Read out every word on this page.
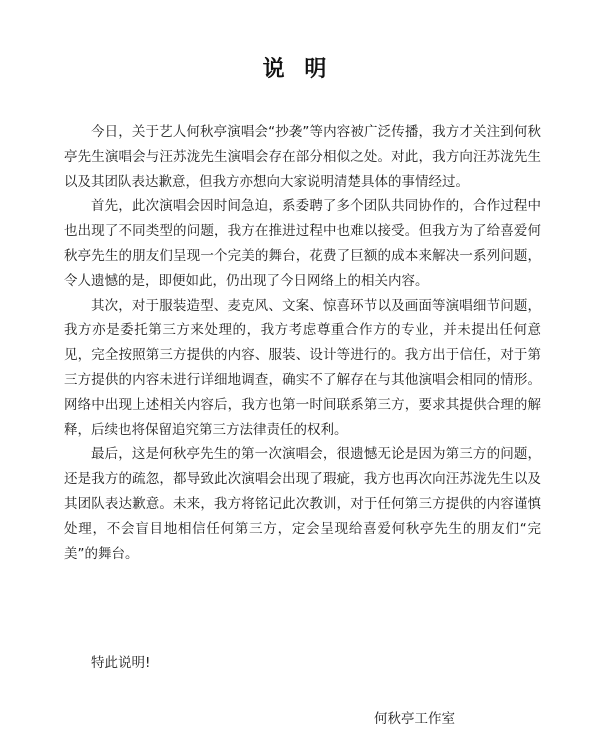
说 明

今日，关于艺人何秋亭演唱会“抄袭”等内容被广泛传播，我方才关注到何秋亭先生演唱会与汪苏泷先生演唱会存在部分相似之处。对此，我方向汪苏泷先生以及其团队表达歉意，但我方亦想向大家说明清楚具体的事情经过。

首先，此次演唱会因时间急迫，系委聘了多个团队共同协作的，合作过程中也出现了不同类型的问题，我方在推进过程中也难以接受。但我方为了给喜爱何秋亭先生的朋友们呈现一个完美的舞台，花费了巨额的成本来解决一系列问题，令人遗憾的是，即便如此，仍出现了今日网络上的相关内容。

其次，对于服装造型、麦克风、文案、惊喜环节以及画面等演唱细节问题，我方亦是委托第三方来处理的，我方考虑尊重合作方的专业，并未提出任何意见，完全按照第三方提供的内容、服装、设计等进行的。我方出于信任，对于第三方提供的内容未进行详细地调查，确实不了解存在与其他演唱会相同的情形。网络中出现上述相关内容后，我方也第一时间联系第三方，要求其提供合理的解释，后续也将保留追究第三方法律责任的权利。

最后，这是何秋亭先生的第一次演唱会，很遗憾无论是因为第三方的问题，还是我方的疏忽，都导致此次演唱会出现了瑕疵，我方也再次向汪苏泷先生以及其团队表达歉意。未来，我方将铭记此次教训，对于任何第三方提供的内容谨慎处理，不会盲目地相信任何第三方，定会呈现给喜爱何秋亭先生的朋友们“完美”的舞台。

特此说明!
何秋亭工作室
